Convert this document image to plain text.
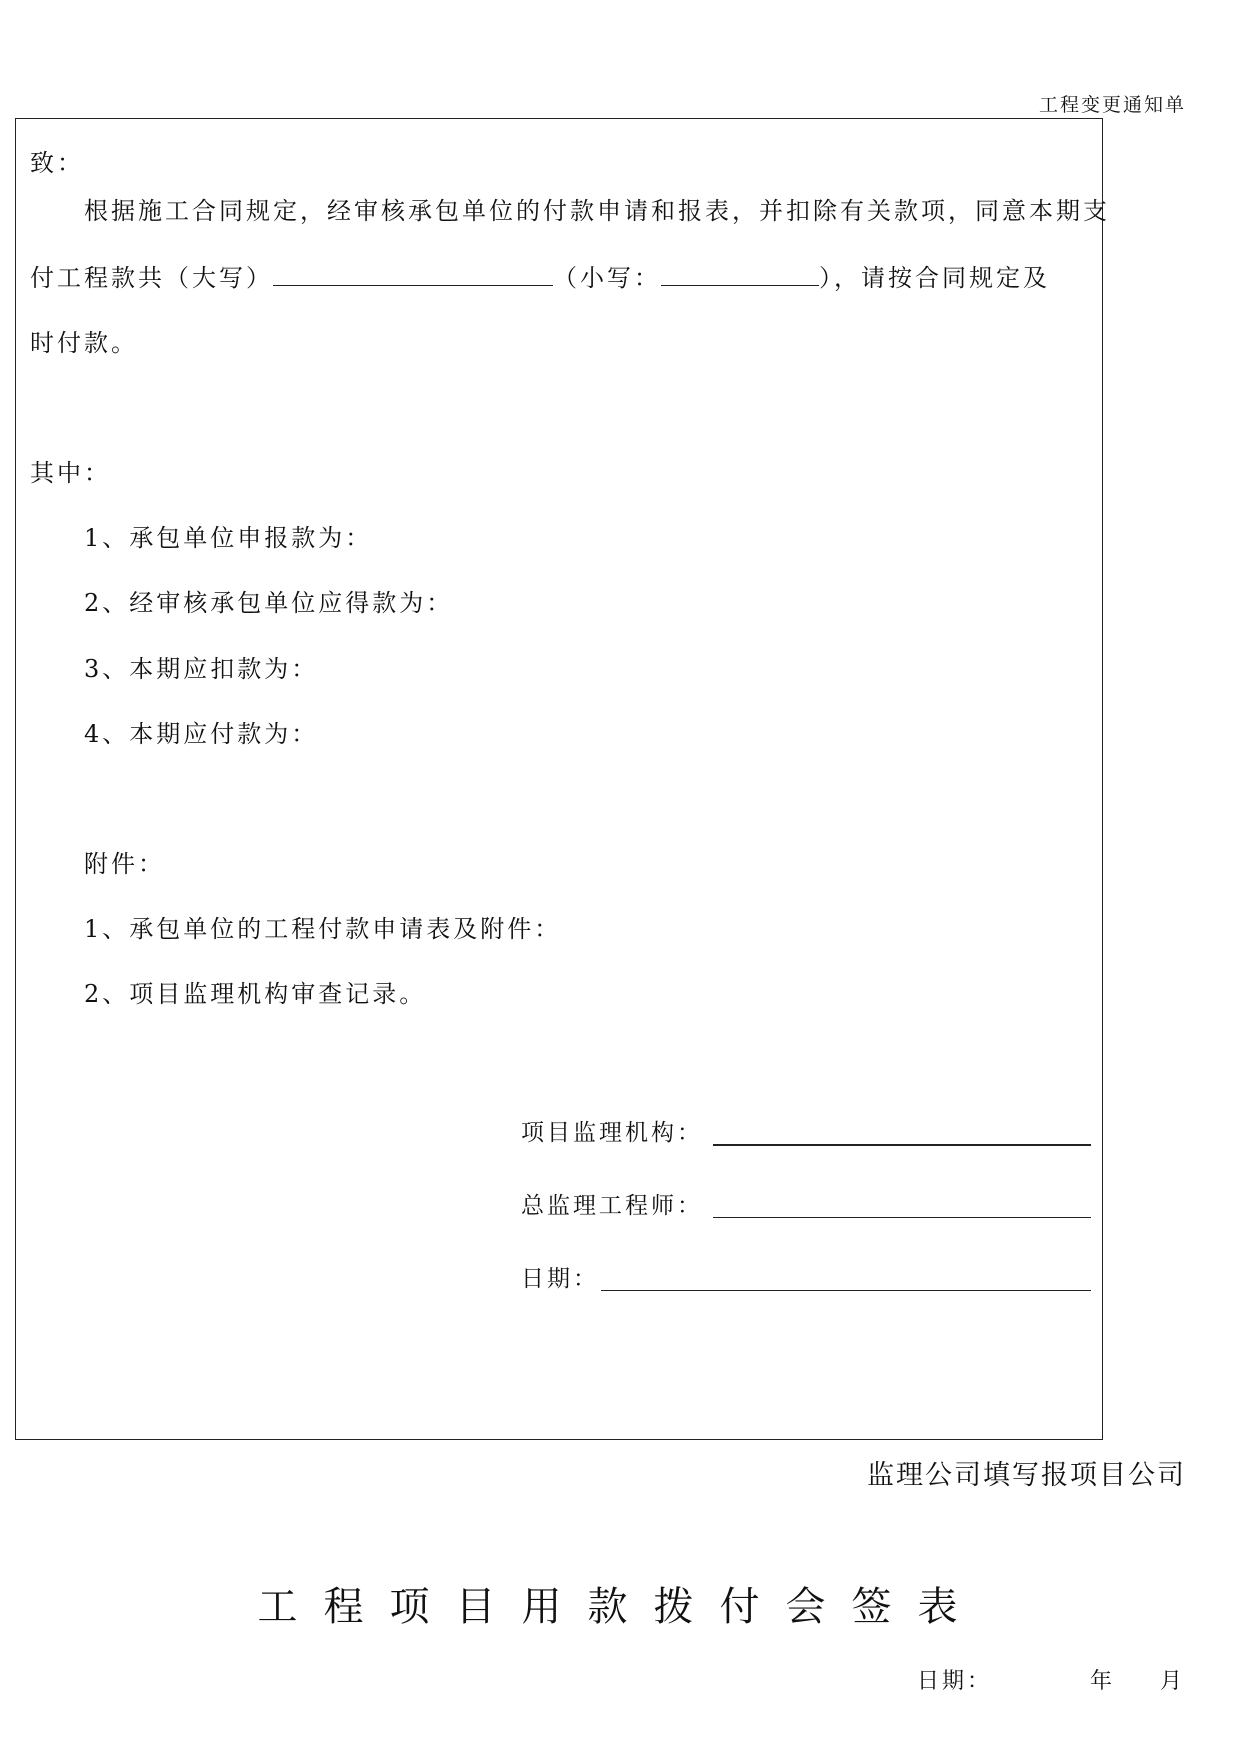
工程变更通知单
致：
根据施工合同规定，经审核承包单位的付款申请和报表，并扣除有关款项，同意本期支
付工程款共（大写）	（小写：	），请按合同规定及
时付款。
其中：
1、承包单位申报款为：
2、经审核承包单位应得款为：
3、本期应扣款为：
4、本期应付款为：
附件：
1、承包单位的工程付款申请表及附件：
2、项目监理机构审查记录。
项目监理机构：
总监理工程师：
日期：
监理公司填写报项目公司
工程项目用款拨付会签表
日期：	年 月
